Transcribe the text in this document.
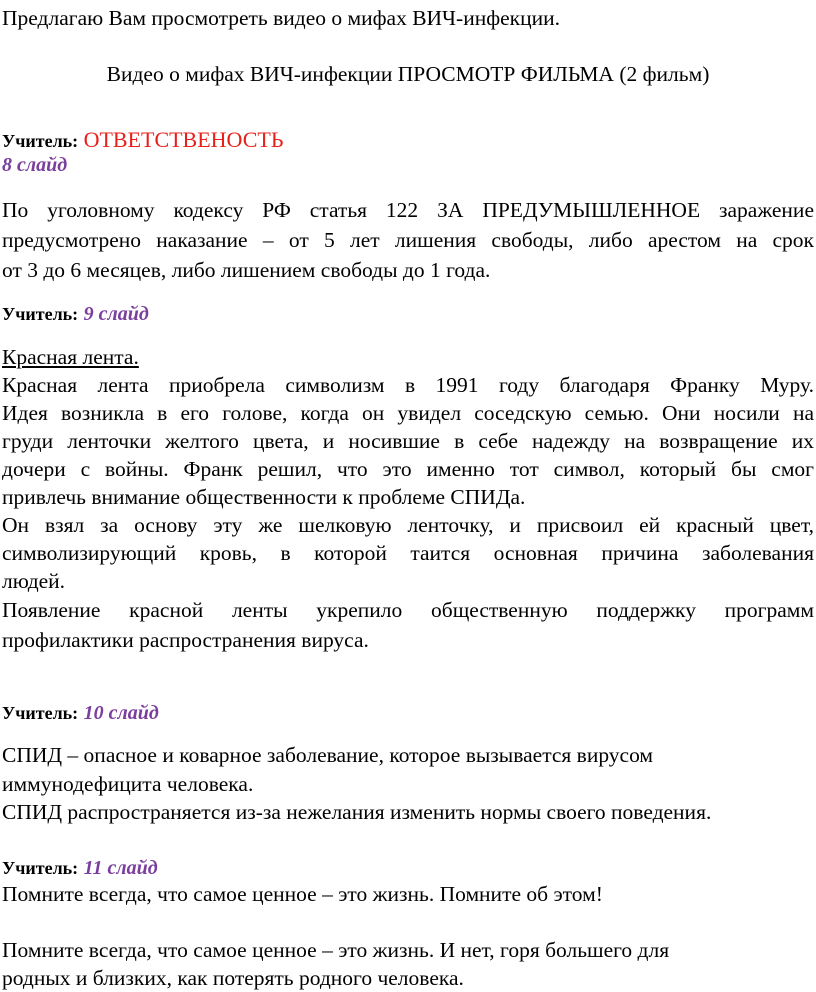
Предлагаю Вам просмотреть видео о мифах ВИЧ-инфекции.
Видео о мифах ВИЧ-инфекции ПРОСМОТР ФИЛЬМА (2 фильм)
Учитель: ОТВЕТСТВЕНОСТЬ
8 слайд
По уголовному кодексу РФ статья 122 ЗА ПРЕДУМЫШЛЕННОЕ заражение
предусмотрено наказание – от 5 лет лишения свободы, либо арестом на срок
от 3 до 6 месяцев, либо лишением свободы до 1 года.
Учитель: 9 слайд
Красная лента.
Красная лента приобрела символизм в 1991 году благодаря Франку Муру.
Идея возникла в его голове, когда он увидел соседскую семью. Они носили на
груди ленточки желтого цвета, и носившие в себе надежду на возвращение их
дочери с войны. Франк решил, что это именно тот символ, который бы смог
привлечь внимание общественности к проблеме СПИДа.
Он взял за основу эту же шелковую ленточку, и присвоил ей красный цвет,
символизирующий кровь, в которой таится основная причина заболевания
людей.
Появление красной ленты укрепило общественную поддержку программ
профилактики распространения вируса.
Учитель: 10 слайд
СПИД – опасное и коварное заболевание, которое вызывается вирусом
иммунодефицита человека.
СПИД распространяется из-за нежелания изменить нормы своего поведения.
Учитель: 11 слайд
Помните всегда, что самое ценное – это жизнь. Помните об этом!
Помните всегда, что самое ценное – это жизнь. И нет, горя большего для
родных и близких, как потерять родного человека.
